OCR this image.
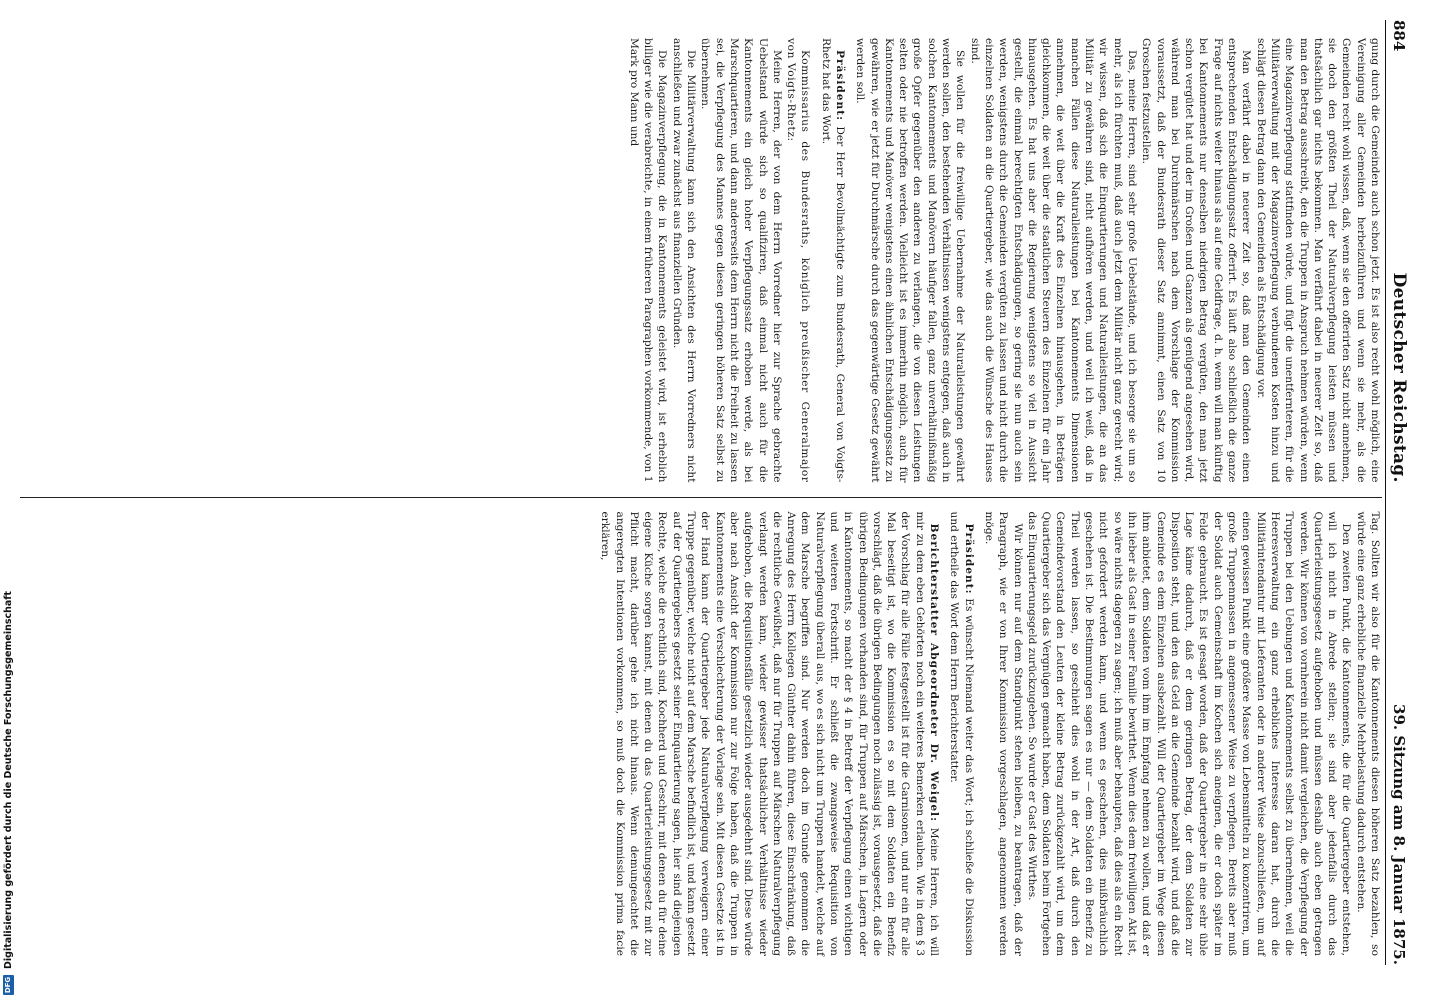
884
Deutscher Reichstag.
39. Sitzung am 8. Januar 1875.

gung durch die Gemeinden auch schon jetzt. Es ist also recht wohl möglich, eine Vereinigung aller Gemeinden herbeizuführen und wenn sie mehr, als die Gemeinden recht wohl wissen, daß, wenn sie den offerirten Satz nicht annehmen, sie doch den größten Theil der Naturalverpflegung leisten müssen und thatsächlich gar nichts bekommen. Man verfährt dabei in neuerer Zeit so, daß man den Betrag ausschreibt, den die Truppen in Anspruch nehmen würden, wenn eine Magazinverpflegung stattfinden würde, und fügt die unentfernteren, für die Militärverwaltung mit der Magazinverpflegung verbundenen Kosten hinzu und schlägt diesen Betrag dann den Gemeinden als Entschädigung vor.

Man verfährt dabei in neuerer Zeit so, daß man den Gemeinden einen entsprechenden Entschädigungssatz offerirt. Es läuft also schließlich die ganze Frage auf nichts weiter hinaus als auf eine Geldfrage, d. h. wenn will man künftig bei Kantonnements nur denselben niedrigen Betrag vergüten, den man jetzt schon vergütet hat und der im Großen und Ganzen als genügend angesehen wird, während man bei Durchmärschen nach dem Vorschlage der Kommission voraussetzt, daß der Bundesrath dieser Satz annimmt, einen Satz von 10 Groschen festzustellen.

Das, meine Herren, sind sehr große Uebelstände, und ich besorge sie um so mehr, als ich fürchten muß, daß auch jetzt dem Militär nicht ganz gerecht wird; wir wissen, daß sich die Einquartierungen und Naturalleistungen, die an das Militär zu gewähren sind, nicht aufhören werden, und weil ich weiß, daß in manchen Fällen diese Naturalleistungen bei Kantonnements Dimensionen annehmen, die weit über die Kraft des Einzelnen hinausgehen, in Beträgen gleichkommen, die weit über die staatlichen Steuern des Einzelnen für ein Jahr hinausgehen. Es hat uns aber die Regierung wenigstens so viel in Aussicht gestellt, die einmal berechtigten Entschädigungen, so gering sie nun auch sein werden, wenigstens durch die Gemeinden vergüten zu lassen und nicht durch die einzelnen Soldaten an die Quartiergeber, wie das auch die Wünsche des Hauses sind.

Sie wollen für die freiwillige Uebernahme der Naturalleistungen gewährt werden sollen, den bestehenden Verhältnissen wenigstens entgegen, daß auch in solchen Kantonnements und Manövern häufiger fallen, ganz unverhältnißmäßig große Opfer gegenüber den anderen zu verlangen, die von diesen Leistungen selten oder nie betroffen werden. Vielleicht ist es immerhin möglich, auch für Kantonnements und Manöver wenigstens einen ähnlichen Entschädigungssatz zu gewähren, wie er jetzt für Durchmärsche durch das gegenwärtige Gesetz gewährt werden soll.

Präsident: Der Herr Bevollmächtigte zum Bundesrath, General von Voigts-Rhetz hat das Wort.

Kommissarius des Bundesraths, königlich preußischer Generalmajor von Voigts-Rhetz:

Meine Herren, der von dem Herrn Vorredner hier zur Sprache gebrachte Uebelstand würde sich so qualifiziren, daß einmal nicht auch für die Kantonnements ein gleich hoher Verpflegungssatz erhoben werde, als bei Marschquartieren, und dann andererseits dem Herrn nicht die Freiheit zu lassen sei, die Verpflegung des Mannes gegen diesen geringen höheren Satz selbst zu übernehmen.

Die Militärverwaltung kann sich den Ansichten des Herrn Vorredners nicht anschließen und zwar zunächst aus finanziellen Gründen.

Die Magazinverpflegung, die in Kantonnements geleistet wird, ist erheblich billiger wie die verabreichte, in einem früheren Paragraphen vorkommende, von 1 Mark pro Mann und

Tag. Sollten wir also für die Kantonnements diesen höheren Satz bezahlen, so würde eine ganz erhebliche finanzielle Mehrbelastung dadurch entstehen.

Den zweiten Punkt, die Kantonnements, die für die Quartiergeber entstehen, will ich nicht in Abrede stellen; sie sind aber jedenfalls durch das Quartierleistungsgesetz aufgehoben und müssen deshalb auch eben getragen werden. Wir können von vornherein nicht damit vergleichen, die Verpflegung der Truppen bei den Uebungen und Kantonnements selbst zu übernehmen, weil die Heeresverwaltung ein ganz erhebliches Interesse daran hat, durch die Militärintendantur mit Lieferanten oder in anderer Weise abzuschließen, um auf einen gewissen Punkt eine größere Masse von Lebensmitteln zu konzentriren, um große Truppenmassen in angemessener Weise zu verpflegen. Bereits aber muß der Soldat auch Gemeinschaft im Kochen sich aneignen, die er doch später im Felde gebraucht. Es ist gesagt worden, daß der Quartiergeber in eine sehr üble Lage käme dadurch, daß er dem geringen Betrag, der dem Soldaten zur Disposition steht, und den das Geld an die Gemeinde bezahlt wird, und daß die Gemeinde es dem Einzelnen ausbezahlt. Will der Quartiergeber im Wege diesen ihm anbietet, dem Soldaten vom ihm im Empfang nehmen zu wollen, und daß er ihn lieber als Gast in seiner Familie bewirthet. Wenn dies dem freiwilligen Akt ist, so wäre nichts dagegen zu sagen; ich muß aber behaupten, daß dies als ein Recht nicht gefordert werden kann, und wenn es geschehen, dies mißbräuchlich geschehen ist. Die Bestimmungen sagen es nur — dem Soldaten ein Benefiz zu Theil werden lassen, so geschieht dies wohl in der Art, daß durch den Gemeindevorstand den Leuten der kleine Betrag zurückgezahlt wird, um dem Quartiergeber sich das Vergnügen gemacht haben, dem Soldaten beim Fortgehen das Einquartierungsgeld zurückzugeben. So wurde er Gast des Wirthes.

Wir können nur auf dem Standpunkt stehen bleiben, zu beantragen, daß der Paragraph, wie er von Ihrer Kommission vorgeschlagen, angenommen werden möge.

Präsident: Es wünscht Niemand weiter das Wort; ich schließe die Diskussion und ertheile das Wort dem Herrn Berichterstatter.

Berichterstatter Abgeordneter Dr. Weigel: Meine Herren, ich will mir zu dem eben Gehörten noch ein weiteres Bemerken erlauben. Wie in dem § 3 der Vorschlag für alle Fälle festgestellt ist für die Garnisonen, und nur ein für alle Mal beseitigt ist, wo die Kommission es so mit dem Soldaten ein Benefiz vorschlägt, daß die übrigen Bedingungen noch zulässig ist, vorausgesetzt, daß die übrigen Bedingungen vorhanden sind, für Truppen auf Märschen, in Lagern oder in Kantonnements, so macht der § 4 in Betreff der Verpflegung einen wichtigen und weiteren Fortschritt. Er schließt die zwangsweise Requisition von Naturalverpflegung überall aus, wo es sich nicht um Truppen handelt, welche auf dem Marsche begriffen sind. Nur werden doch im Grunde genommen die Anregung des Herrn Kollegen Günther dahin führen, diese Einschränkung, daß die rechtliche Gewißheit, daß nur für Truppen auf Märschen Naturalverpflegung verlangt werden kann, wieder gewisser thatsächlicher Verhältnisse wieder aufgehoben, die Requisitionsfälle gesetzlich wieder ausgedehnt sind. Diese würde aber nach Ansicht der Kommission nur zur Folge haben, daß die Truppen in Kantonnements eine Verschlechterung der Vorlage sein. Mit diesen Gesetze ist in der Hand kann der Quartiergeber jede Naturalverpflegung verweigern einer Truppe gegenüber, welche nicht auf dem Marsche befindlich ist, und kann gesetzt auf der Quartiergebers gesetzt seiner Einquartierung sagen, hier sind diejenigen Rechte, welche die rechtlich sind, Kochherd und Geschirr, mit denen du für deine eigene Küche sorgen kannst, mit denen du das Quartierleistungsgesetz mit zur Pflicht macht, darüber gehe ich nicht hinaus. Wenn demungeachtet die angeregten Intentionen vorkommen, so muß doch die Kommission prima facie erklären,

DFG
Digitalisierung gefördert durch die Deutsche Forschungsgemeinschaft
